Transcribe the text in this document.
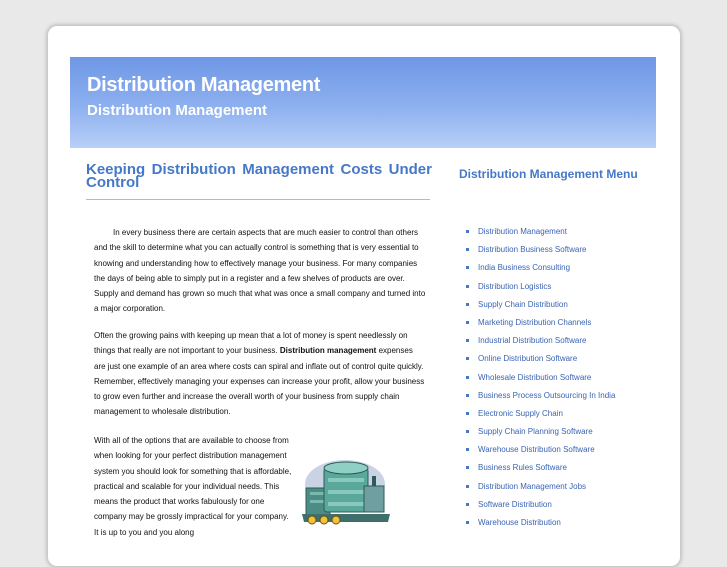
Distribution Management
Distribution Management
Keeping Distribution Management Costs Under Control
In every business there are certain aspects that are much easier to control than others and the skill to determine what you can actually control is something that is very essential to knowing and understanding how to effectively manage your business. For many companies the days of being able to simply put in a register and a few shelves of products are over. Supply and demand has grown so much that what was once a small company and turned into a major corporation.
Often the growing pains with keeping up mean that a lot of money is spent needlessly on things that really are not important to your business. Distribution management expenses are just one example of an area where costs can spiral and inflate out of control quite quickly. Remember, effectively managing your expenses can increase your profit, allow your business to grow even further and increase the overall worth of your business from supply chain management to wholesale distribution.
With all of the options that are available to choose from when looking for your perfect distribution management system you should look for something that is affordable, practical and scalable for your individual needs. This means the product that works fabulously for one company may be grossly impractical for your company. It is up to you and you along
Distribution Management Menu
Distribution Management
Distribution Business Software
India Business Consulting
Distribution Logistics
Supply Chain Distribution
Marketing Distribution Channels
Industrial Distribution Software
Online Distribution Software
Wholesale Distribution Software
Business Process Outsourcing In India
Electronic Supply Chain
Supply Chain Planning Software
Warehouse Distribution Software
Business Rules Software
Distribution Management Jobs
Software Distribution
Warehouse Distribution
